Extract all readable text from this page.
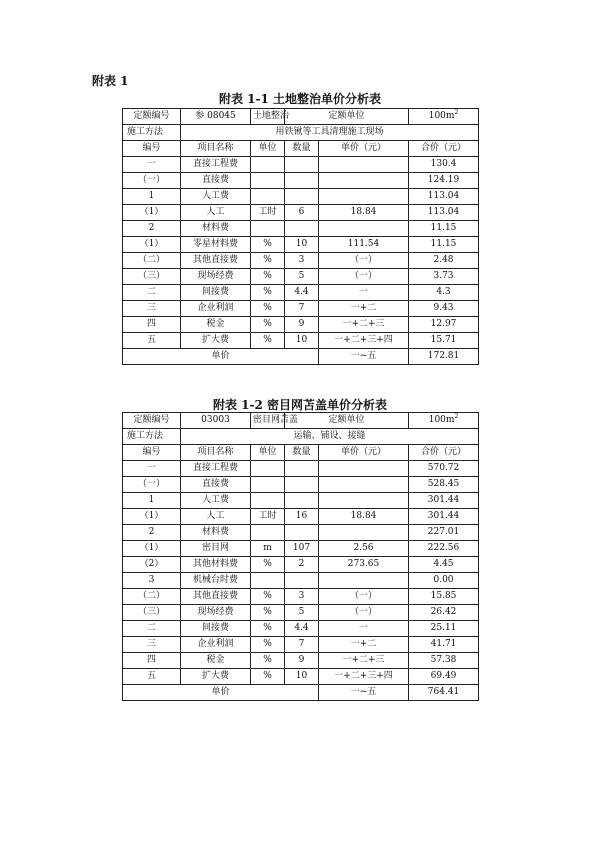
附表 1
附表 1-1 土地整治单价分析表
定额编号	参 08045	土地整治	定额单位		$100m^2$
施工方法	用铁锹等工具清理施工现场				
编号	项目名称	单位	数量	单价（元）	合价（元）
一	直接工程费				130.4
（一）	直接费				124.19
1	人工费				113.04
（1）	人工	工时	6	18.84	113.04
2	材料费				11.15
（1）	零星材料费	%	10	111.54	11.15
（二）	其他直接费	%	3	（一）	2.48
（三）	现场经费	%	5	（一）	3.73
二	间接费	%	4.4	一	4.3
三	企业利润	%	7	一+二	9.43
四	税金	%	9	一+二+三	12.97
五	扩大费	%	10	一+二+三+四	15.71
单价				一~五	172.81
附表 1-2 密目网苫盖单价分析表
定额编号	03003	密目网苫盖	定额单位		$100m^2$
施工方法	运输、铺设、接缝				
编号	项目名称	单位	数量	单价（元）	合价（元）
一	直接工程费				570.72
（一）	直接费				528.45
1	人工费				301.44
（1）	人工	工时	16	18.84	301.44
2	材料费				227.01
（1）	密目网	m	107	2.56	222.56
（2）	其他材料费	%	2	273.65	4.45
3	机械台时费				0.00
（二）	其他直接费	%	3	（一）	15.85
（三）	现场经费	%	5	（一）	26.42
二	间接费	%	4.4	一	25.11
三	企业利润	%	7	一+二	41.71
四	税金	%	9	一+二+三	57.38
五	扩大费	%	10	一+二+三+四	69.49
单价				一~五	764.41
